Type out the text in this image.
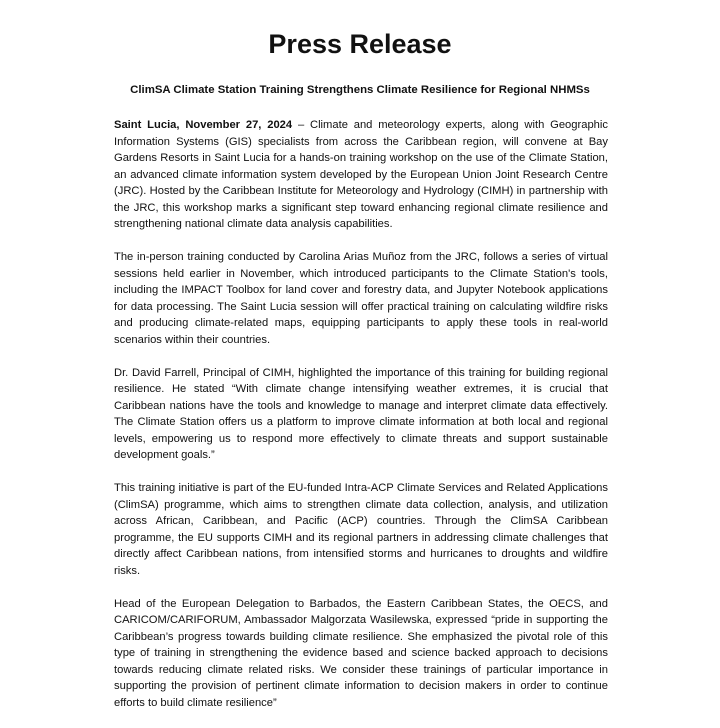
Press Release
ClimSA Climate Station Training Strengthens Climate Resilience for Regional NHMSs

Saint Lucia, November 27, 2024 – Climate and meteorology experts, along with Geographic Information Systems (GIS) specialists from across the Caribbean region, will convene at Bay Gardens Resorts in Saint Lucia for a hands-on training workshop on the use of the Climate Station, an advanced climate information system developed by the European Union Joint Research Centre (JRC). Hosted by the Caribbean Institute for Meteorology and Hydrology (CIMH) in partnership with the JRC, this workshop marks a significant step toward enhancing regional climate resilience and strengthening national climate data analysis capabilities.

The in-person training conducted by Carolina Arias Muñoz from the JRC, follows a series of virtual sessions held earlier in November, which introduced participants to the Climate Station's tools, including the IMPACT Toolbox for land cover and forestry data, and Jupyter Notebook applications for data processing. The Saint Lucia session will offer practical training on calculating wildfire risks and producing climate-related maps, equipping participants to apply these tools in real-world scenarios within their countries.

Dr. David Farrell, Principal of CIMH, highlighted the importance of this training for building regional resilience. He stated “With climate change intensifying weather extremes, it is crucial that Caribbean nations have the tools and knowledge to manage and interpret climate data effectively. The Climate Station offers us a platform to improve climate information at both local and regional levels, empowering us to respond more effectively to climate threats and support sustainable development goals.”

This training initiative is part of the EU-funded Intra-ACP Climate Services and Related Applications (ClimSA) programme, which aims to strengthen climate data collection, analysis, and utilization across African, Caribbean, and Pacific (ACP) countries. Through the ClimSA Caribbean programme, the EU supports CIMH and its regional partners in addressing climate challenges that directly affect Caribbean nations, from intensified storms and hurricanes to droughts and wildfire risks.

Head of the European Delegation to Barbados, the Eastern Caribbean States, the OECS, and CARICOM/CARIFORUM, Ambassador Malgorzata Wasilewska, expressed “pride in supporting the Caribbean’s progress towards building climate resilience. She emphasized the pivotal role of this type of training in strengthening the evidence based and science backed approach to decisions towards reducing climate related risks. We consider these trainings of particular importance in supporting the provision of pertinent climate information to decision makers in order to continue efforts to build climate resilience”
